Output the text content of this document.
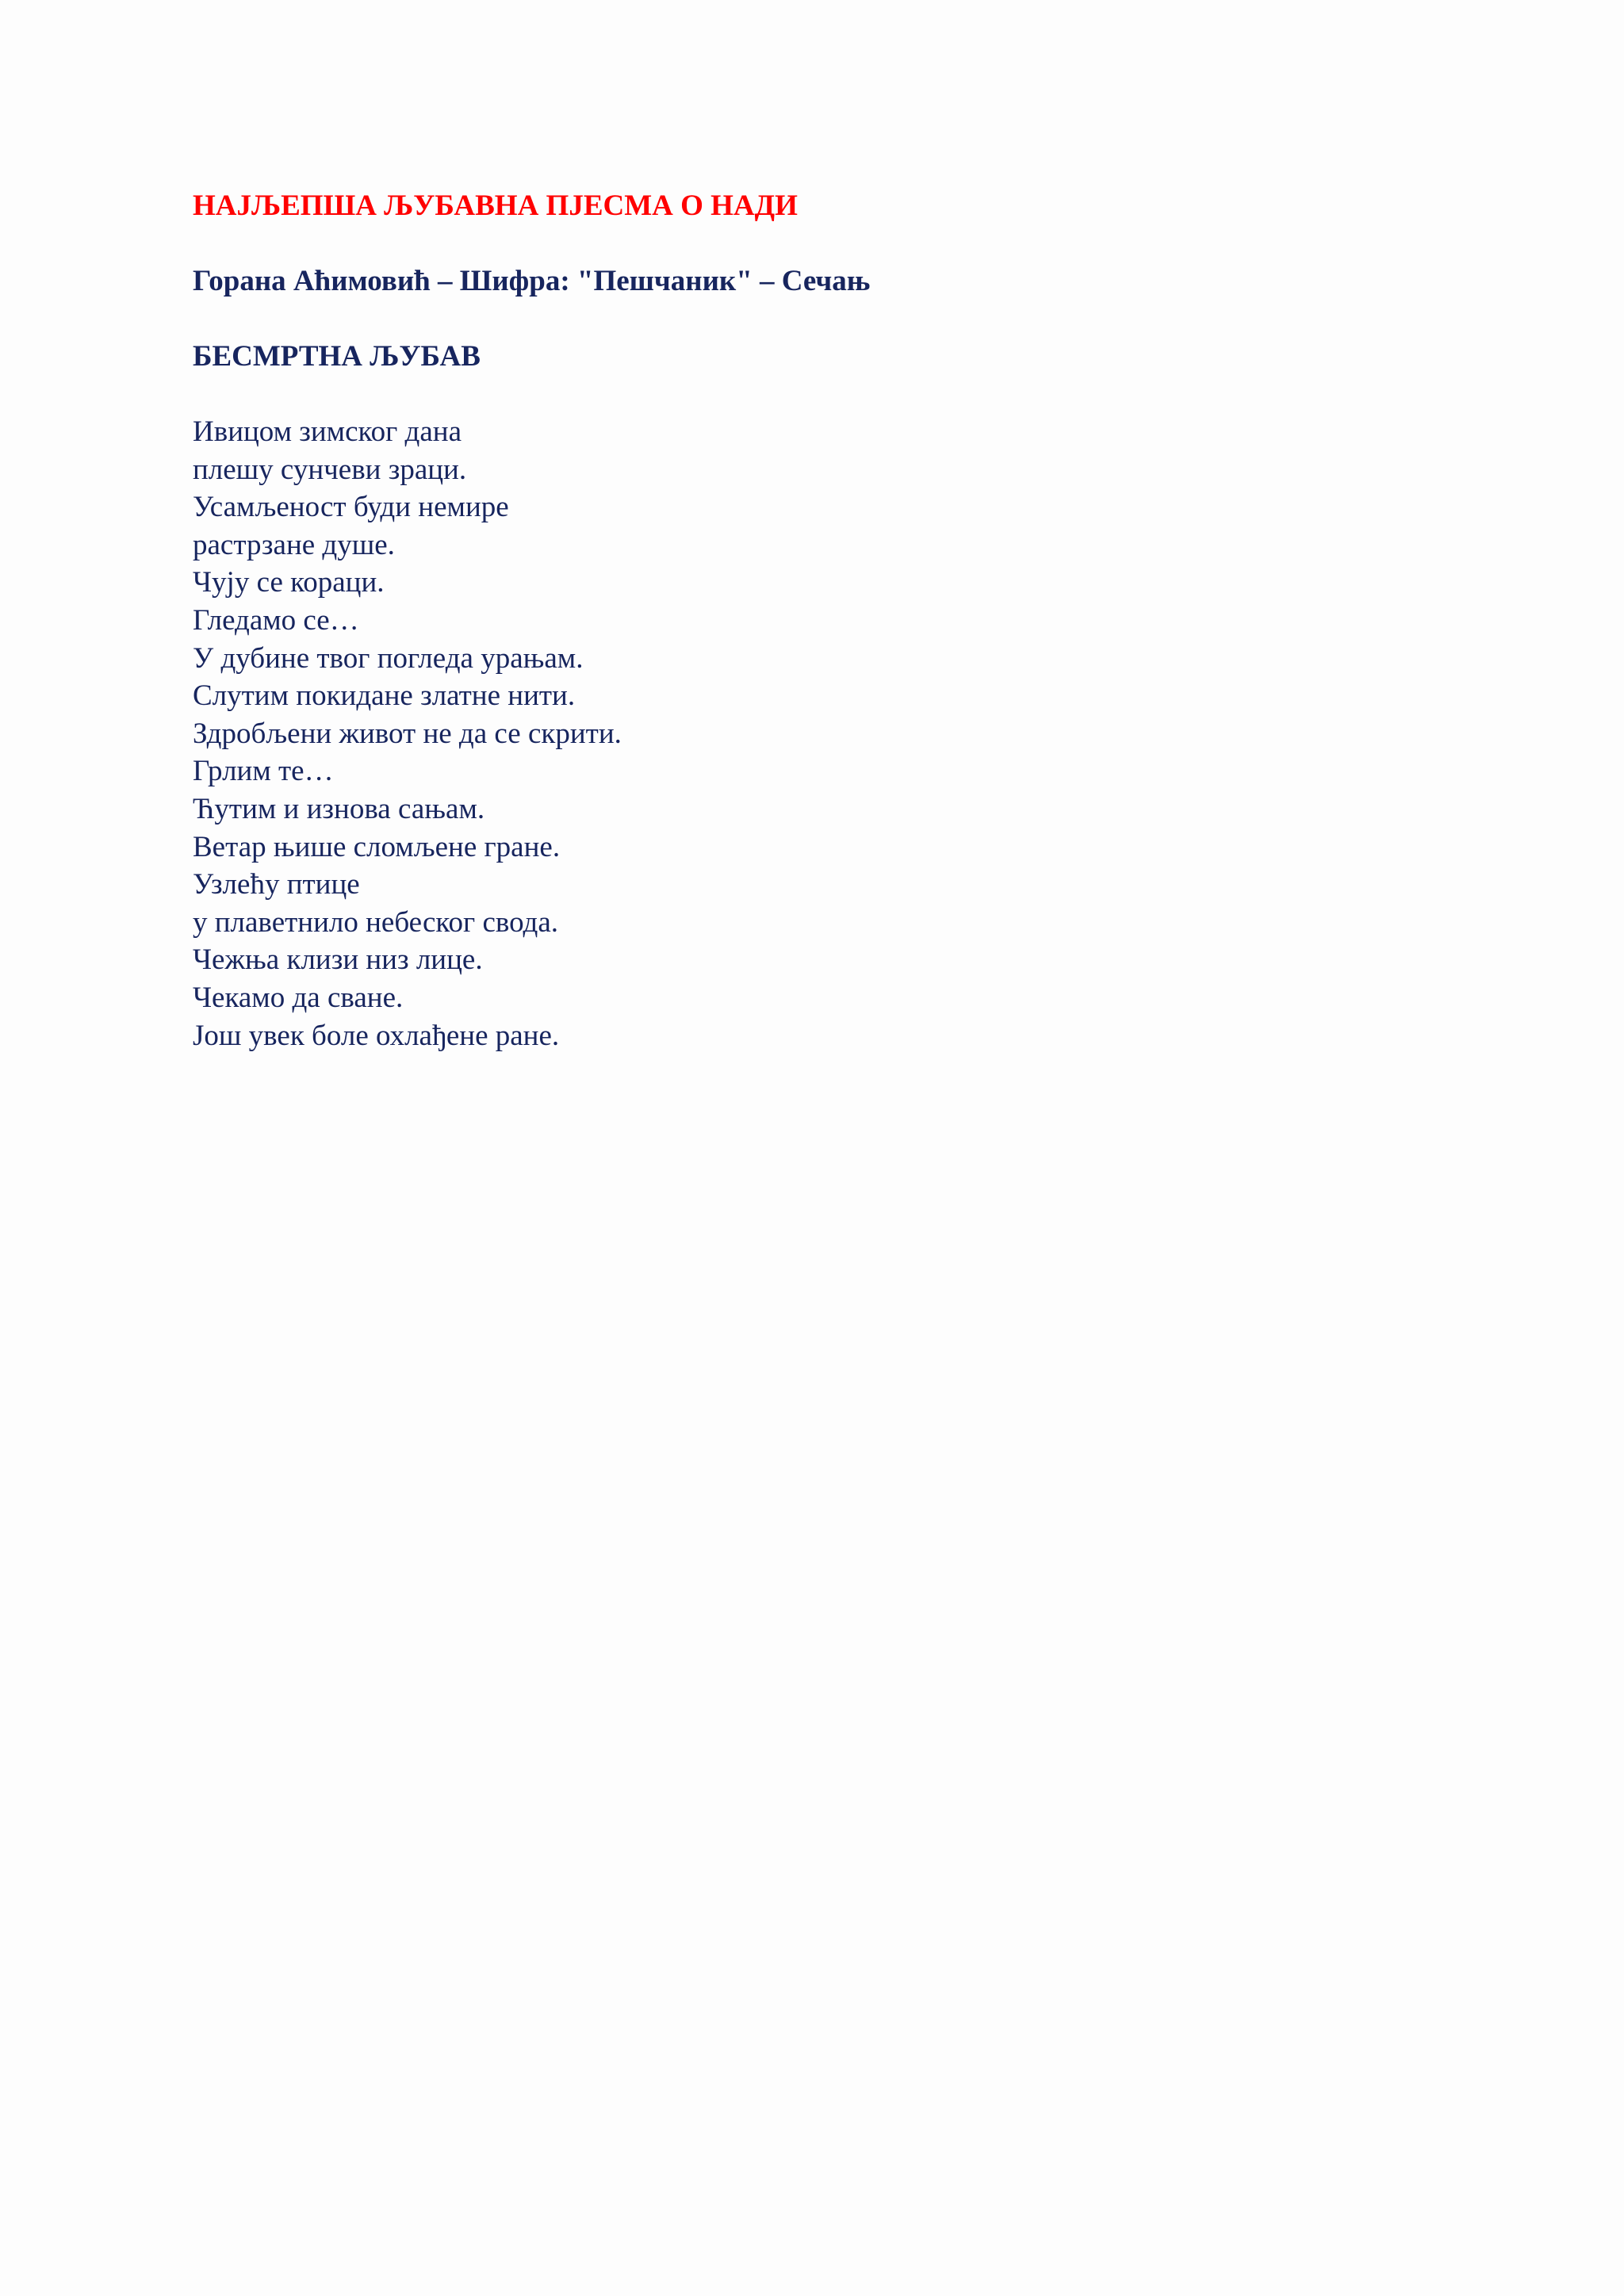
НАЈЉЕПША ЉУБАВНА ПЈЕСМА О НАДИ
Горана Аћимовић – Шифра: "Пешчаник" – Сечањ
БЕСМРТНА ЉУБАВ
Ивицом зимског дана
плешу сунчеви зраци.
Усамљеност буди немире
растрзане душе.
Чују се кораци.
Гледамо се…
У дубине твог погледа урањам.
Слутим покидане златне нити.
Здробљени живот не да се скрити.
Грлим те…
Ћутим и изнова сањам.
Ветар њише сломљене гране.
Узлећу птице
у плаветнило небеског свода.
Чежња клизи низ лице.
Чекамо да сване.
Још увек боле охлађене ране.
